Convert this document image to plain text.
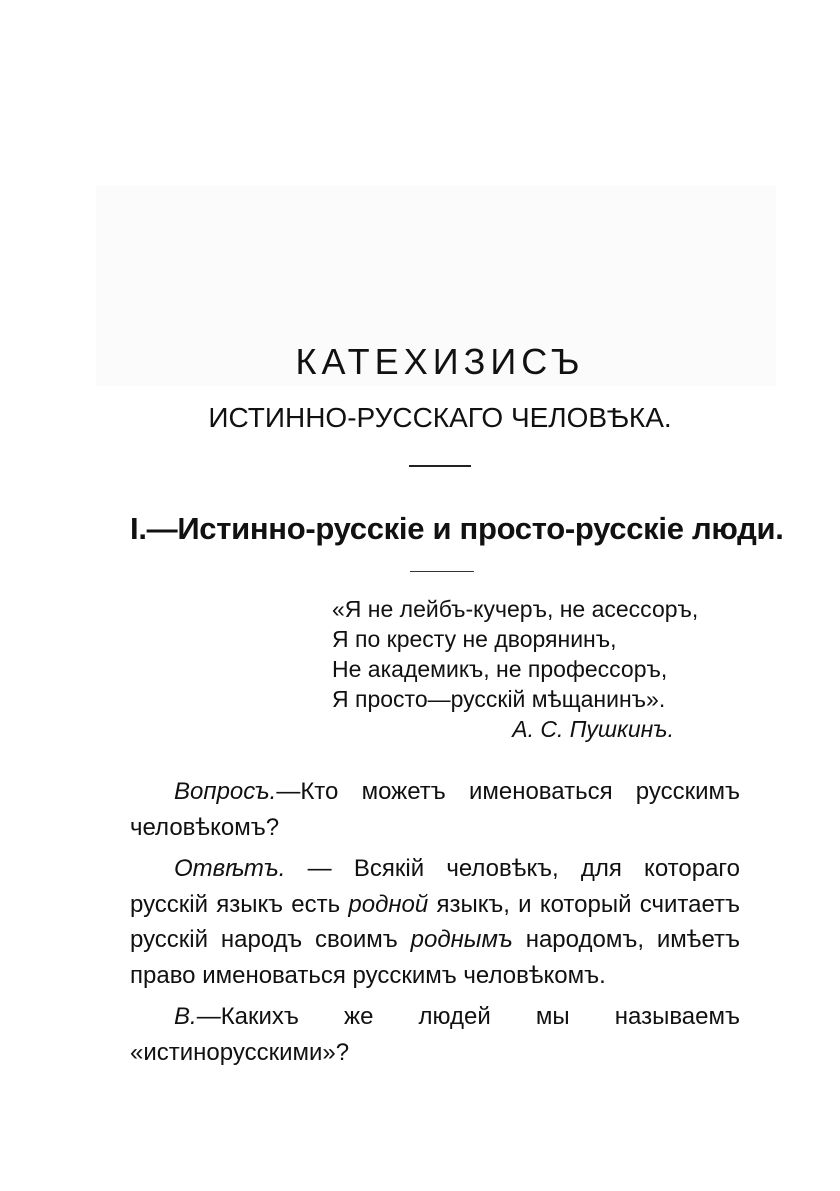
КАТЕХИЗИСЪ
ИСТИННО-РУССКАГО ЧЕЛОВѢКА.
I.—Истинно-русскіе и просто-русскіе люди.
«Я не лейбъ-кучеръ, не асессоръ,
Я по кресту не дворянинъ,
Не академикъ, не профессоръ,
Я просто—русскій мѣщанинъ».
А. С. Пушкинъ.

Вопросъ.—Кто можетъ именоваться русскимъ человѣкомъ?

Отвѣтъ. — Всякій человѣкъ, для котораго русскій языкъ есть родной языкъ, и который считаетъ русскій народъ своимъ роднымъ народомъ, имѣетъ право именоваться русскимъ человѣкомъ.

В.—Какихъ же людей мы называемъ «истинорусскими»?
